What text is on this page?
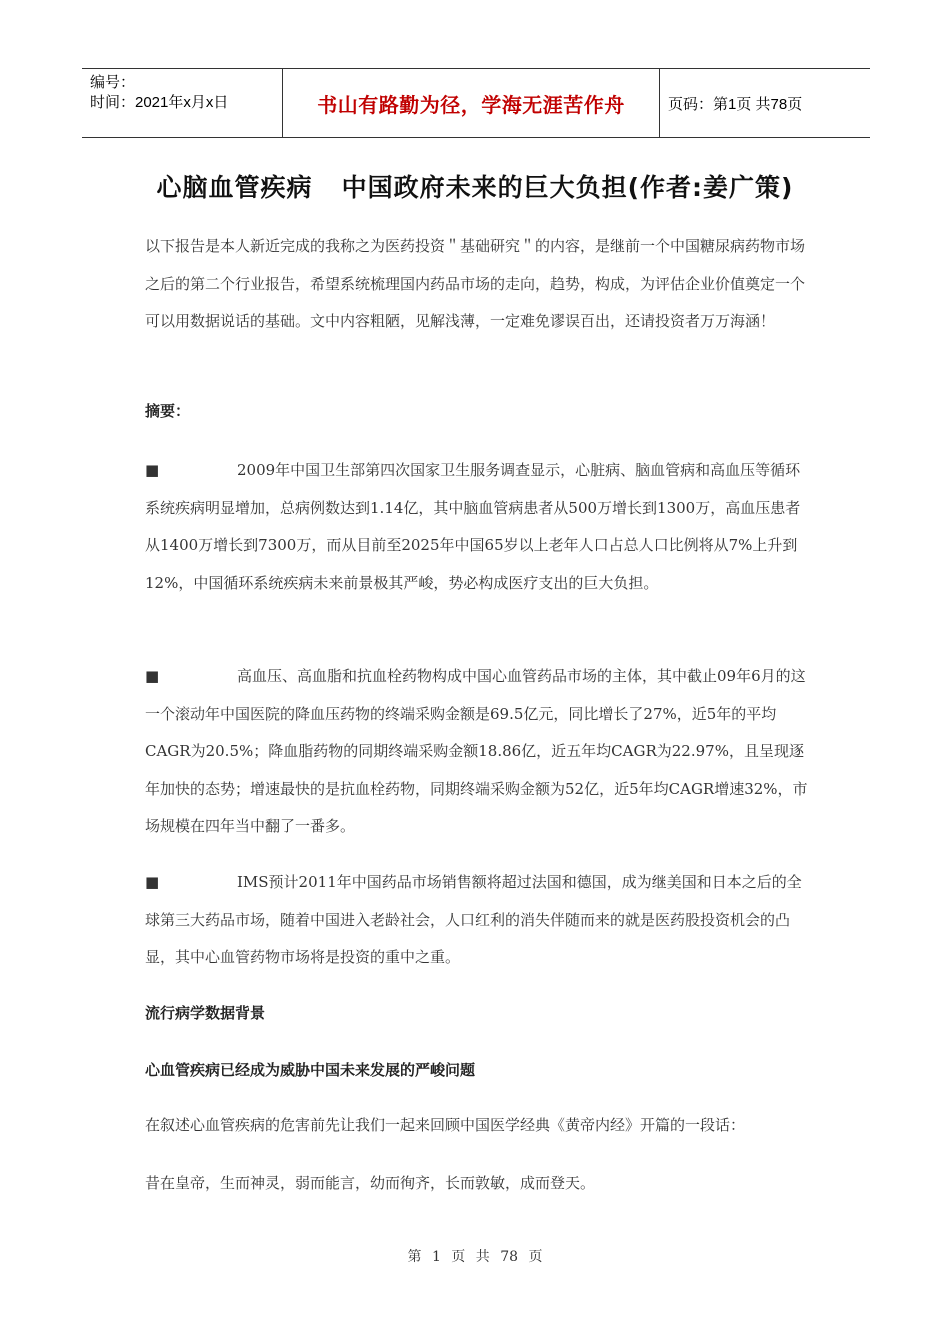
编号：
时间：2021年x月x日	书山有路勤为径，学海无涯苦作舟	页码：第1页 共78页
心脑血管疾病   中国政府未来的巨大负担(作者:姜广策)
以下报告是本人新近完成的我称之为医药投资＂基础研究＂的内容，是继前一个中国糖尿病药物市场之后的第二个行业报告，希望系统梳理国内药品市场的走向，趋势，构成，为评估企业价值奠定一个可以用数据说话的基础。文中内容粗陋，见解浅薄，一定难免谬误百出，还请投资者万万海涵！
摘要：
■	2009年中国卫生部第四次国家卫生服务调查显示，心脏病、脑血管病和高血压等循环系统疾病明显增加，总病例数达到1.14亿，其中脑血管病患者从500万增长到1300万，高血压患者从1400万增长到7300万，而从目前至2025年中国65岁以上老年人口占总人口比例将从7%上升到12%，中国循环系统疾病未来前景极其严峻，势必构成医疗支出的巨大负担。
■	高血压、高血脂和抗血栓药物构成中国心血管药品市场的主体，其中截止09年6月的这一个滚动年中国医院的降血压药物的终端采购金额是69.5亿元，同比增长了27%，近5年的平均CAGR为20.5%；降血脂药物的同期终端采购金额18.86亿，近五年均CAGR为22.97%，且呈现逐年加快的态势；增速最快的是抗血栓药物，同期终端采购金额为52亿，近5年均CAGR增速32%，市场规模在四年当中翻了一番多。
■	IMS预计2011年中国药品市场销售额将超过法国和德国，成为继美国和日本之后的全球第三大药品市场，随着中国进入老龄社会，人口红利的消失伴随而来的就是医药股投资机会的凸显，其中心血管药物市场将是投资的重中之重。
流行病学数据背景
心血管疾病已经成为威胁中国未来发展的严峻问题
在叙述心血管疾病的危害前先让我们一起来回顾中国医学经典《黄帝内经》开篇的一段话：
昔在皇帝，生而神灵，弱而能言，幼而徇齐，长而敦敏，成而登天。
第 1 页 共 78 页
